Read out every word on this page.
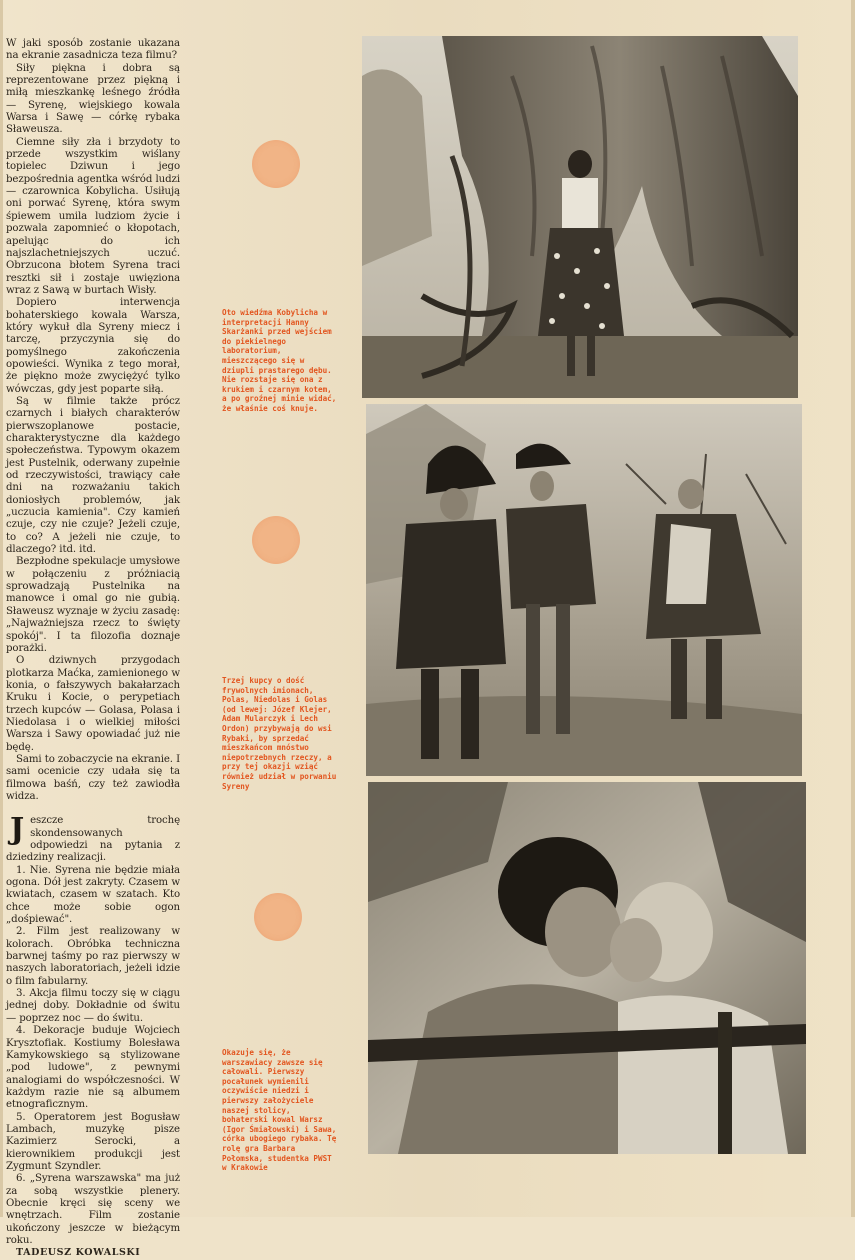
W jaki sposób zostanie ukazana na ekranie zasadnicza teza filmu?

Siły piękna i dobra są reprezentowane przez piękną i miłą mieszkankę leśnego źródła — Syrenę, wiejskiego kowala Warsa i Sawę — córkę rybaka Sławeusza.

Ciemne siły zła i brzydoty to przede wszystkim wiślany topielec Dziwun i jego bezpośrednia agentka wśród ludzi — czarownica Kobylicha. Usiłują oni porwać Syrenę, która swym śpiewem umila ludziom życie i pozwala zapomnieć o kłopotach, apelując do ich najszlachetniejszych uczuć. Obrzucona błotem Syrena traci resztki sił i zostaje uwięziona wraz z Sawą w burtach Wisły.

Dopiero interwencja bohaterskiego kowala Warsza, który wykuł dla Syreny miecz i tarczę, przyczynia się do pomyślnego zakończenia opowieści. Wynika z tego morał, że piękno może zwyciężyć tylko wówczas, gdy jest poparte siłą.

Są w filmie także prócz czarnych i białych charakterów pierwszoplanowe postacie, charakterystyczne dla każdego społeczeństwa. Typowym okazem jest Pustelnik, oderwany zupełnie od rzeczywistości, trawiący całe dni na rozważaniu takich doniosłych problemów, jak „uczucia kamienia". Czy kamień czuje, czy nie czuje? Jeżeli czuje, to co? A jeżeli nie czuje, to dlaczego? itd. itd.

Bezpłodne spekulacje umysłowe w połączeniu z próżniacią sprowadzają Pustelnika na manowce i omal go nie gubią. Sławeusz wyznaje w życiu zasadę: „Najważniejsza rzecz to święty spokój". I ta filozofia doznaje porażki.

O dziwnych przygodach plotkarza Maćka, zamienionego w konia, o fałszywych bakałarzach Kruku i Kocie, o perypetiach trzech kupców — Golasa, Polasa i Niedolasa i o wielkiej miłości Warsza i Sawy opowiadać już nie będę.

Sami to zobaczycie na ekranie. I sami ocenicie czy udała się ta filmowa baśń, czy też zawiodła widza.

Jeszcze trochę skondensowanych odpowiedzi na pytania z dziedziny realizacji.

1. Nie. Syrena nie będzie miała ogona. Dół jest zakryty. Czasem w kwiatach, czasem w szatach. Kto chce może sobie ogon „dośpiewać".

2. Film jest realizowany w kolorach. Obróbka techniczna barwnej taśmy po raz pierwszy w naszych laboratoriach, jeżeli idzie o film fabularny.

3. Akcja filmu toczy się w ciągu jednej doby. Dokładnie od świtu — poprzez noc — do świtu.

4. Dekoracje buduje Wojciech Krysztofiak. Kostiumy Bolesława Kamykowskiego są stylizowane „pod ludowe", z pewnymi analogiami do współczesności. W każdym razie nie są albumem etnograficznym.

5. Operatorem jest Bogusław Lambach, muzykę pisze Kazimierz Serocki, a kierownikiem produkcji jest Zygmunt Szyndler.

6. „Syrena warszawska" ma już za sobą wszystkie plenery. Obecnie kręci się sceny we wnętrzach. Film zostanie ukończony jeszcze w bieżącym roku.

TADEUSZ KOWALSKI

Oto wiedźma Kobylicha w interpretacji Hanny Skarżanki przed wejściem do piekielnego laboratorium, mieszczącego się w dziupli prastarego dębu. Nie rozstaje się ona z krukiem i czarnym kotem, a po groźnej minie widać, że właśnie coś knuje.
Trzej kupcy o dość frywolnych imionach, Polas, Niedolas i Golas (od lewej: Józef Klejer, Adam Mularczyk i Lech Ordon) przybywają do wsi Rybaki, by sprzedać mieszkańcom mnóstwo niepotrzebnych rzeczy, a przy tej okazji wziąć również udział w porwaniu Syreny
Okazuje się, że warszawiacy zawsze się całowali. Pierwszy pocałunek wymienili oczywiście niedzi i pierwszy założyciele naszej stolicy, bohaterski kowal Warsz (Igor Śmiałowski) i Sawa, córka ubogiego rybaka. Tę rolę gra Barbara Połomska, studentka PWST w Krakowie
